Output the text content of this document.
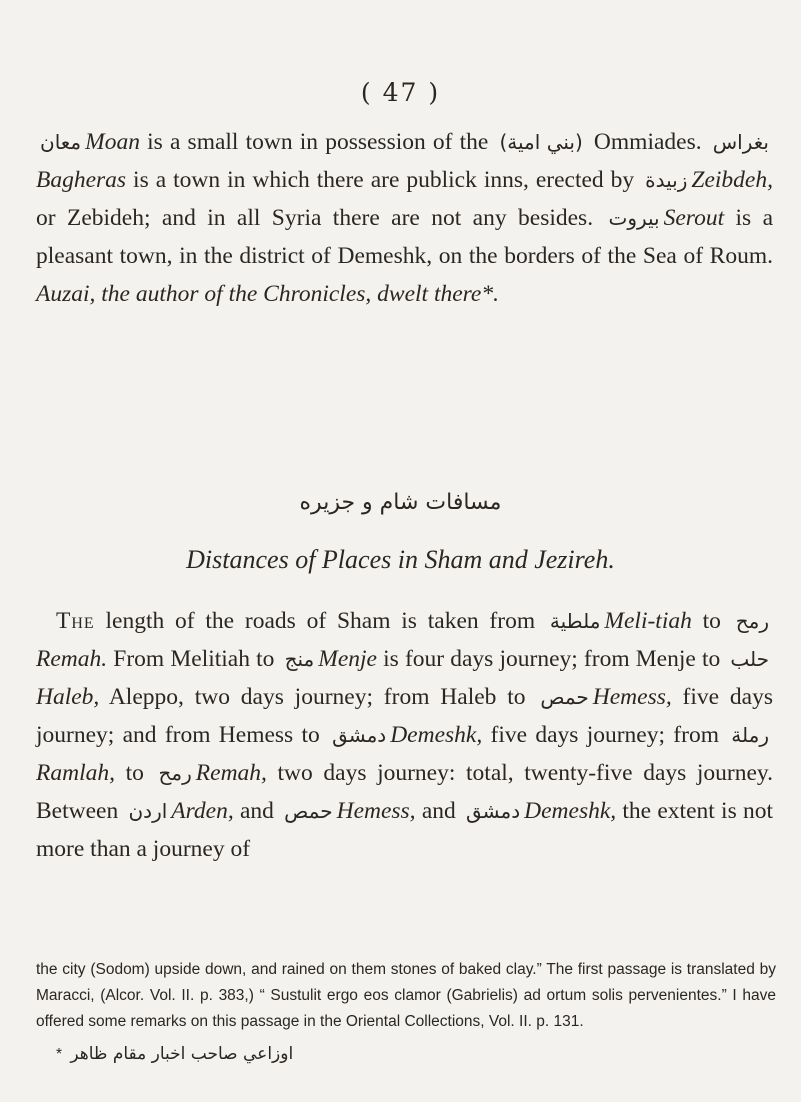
( 47 )

معان Moan is a small town in possession of the (بني امية) Ommiades. بغراسBagheras is a town in which there are publick inns, erected by زبيدة Zeibdeh, or Zebideh; and in all Syria there are not any besides. بيروت Serout is a pleasant town, in the district of Demeshk, on the borders of the Sea of Roum. Auzai, the author of the Chronicles, dwelt there*.

مسافات شام و جزيره
Distances of Places in Sham and Jezireh.

The length of the roads of Sham is taken from ملطية Meli-tiah to رمحRemah. From Melitiah to منج Menje is four days journey; from Menje to حلبHaleb, Aleppo, two days journey; from Haleb to حمص Hemess, five days journey; and from Hemess to دمشق Demeshk, five days journey; from رملةRamlah, to رمح Remah, two days journey: total, twenty-five days journey. Between اردن Arden, and حمص Hemess, and دمشق Demeshk, the extent is not more than a journey of

the city (Sodom) upside down, and rained on them stones of baked clay.” The first passage is translated by Maracci, (Alcor. Vol. II. p. 383,) “ Sustulit ergo eos clamor (Gabrielis) ad ortum solis pervenientes.” I have offered some remarks on this passage in the Oriental Collections, Vol. II. p. 131.

* اوزاعي صاحب اخبار مقام ظاهر
